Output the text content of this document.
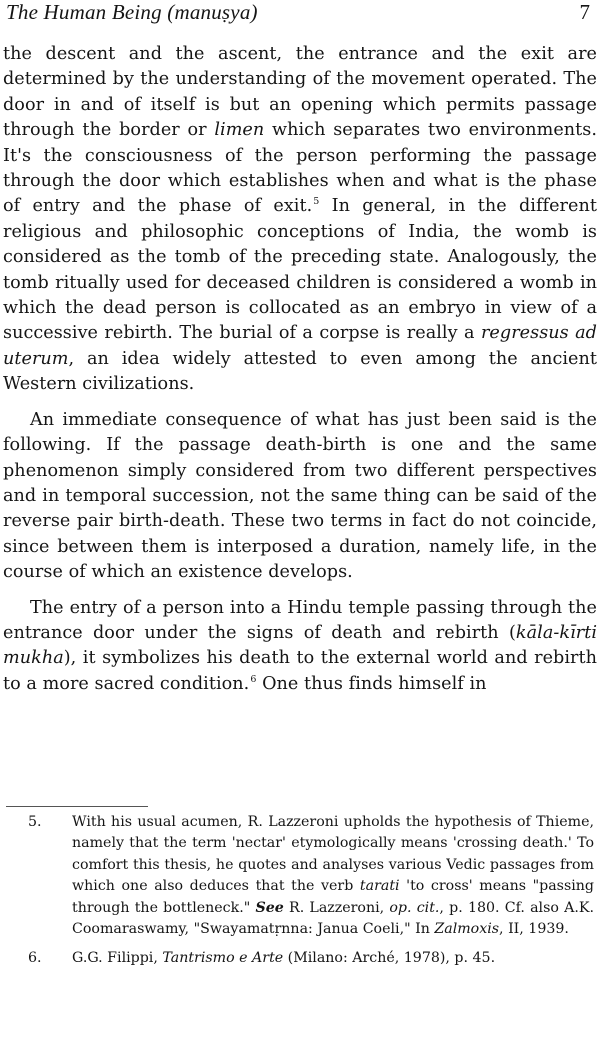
The Human Being (manuṣya)	7

the descent and the ascent, the entrance and the exit are determined by the understanding of the movement operated. The door in and of itself is but an opening which permits passage through the border or limen which separates two environments. It's the consciousness of the person performing the passage through the door which establishes when and what is the phase of entry and the phase of exit.$^5$ In general, in the different religious and philosophic conceptions of India, the womb is considered as the tomb of the preceding state. Analogously, the tomb ritually used for deceased children is considered a womb in which the dead person is collocated as an embryo in view of a successive rebirth. The burial of a corpse is really a regressus ad uterum, an idea widely attested to even among the ancient Western civilizations.

An immediate consequence of what has just been said is the following. If the passage death-birth is one and the same phenomenon simply considered from two different perspectives and in temporal succession, not the same thing can be said of the reverse pair birth-death. These two terms in fact do not coincide, since between them is interposed a duration, namely life, in the course of which an existence develops.

The entry of a person into a Hindu temple passing through the entrance door under the signs of death and rebirth (kāla-kīrti mukha), it symbolizes his death to the external world and rebirth to a more sacred condition.$^6$ One thus finds himself in

5.	With his usual acumen, R. Lazzeroni upholds the hypothesis of Thieme, namely that the term 'nectar' etymologically means 'crossing death.' To comfort this thesis, he quotes and analyses various Vedic passages from which one also deduces that the verb tarati 'to cross' means "passing through the bottleneck." See R. Lazzeroni, op. cit., p. 180. Cf. also A.K. Coomaraswamy, "Swayamatṛnna: Janua Coeli," In Zalmoxis, II, 1939.
6.	G.G. Filippi, Tantrismo e Arte (Milano: Arché, 1978), p. 45.
